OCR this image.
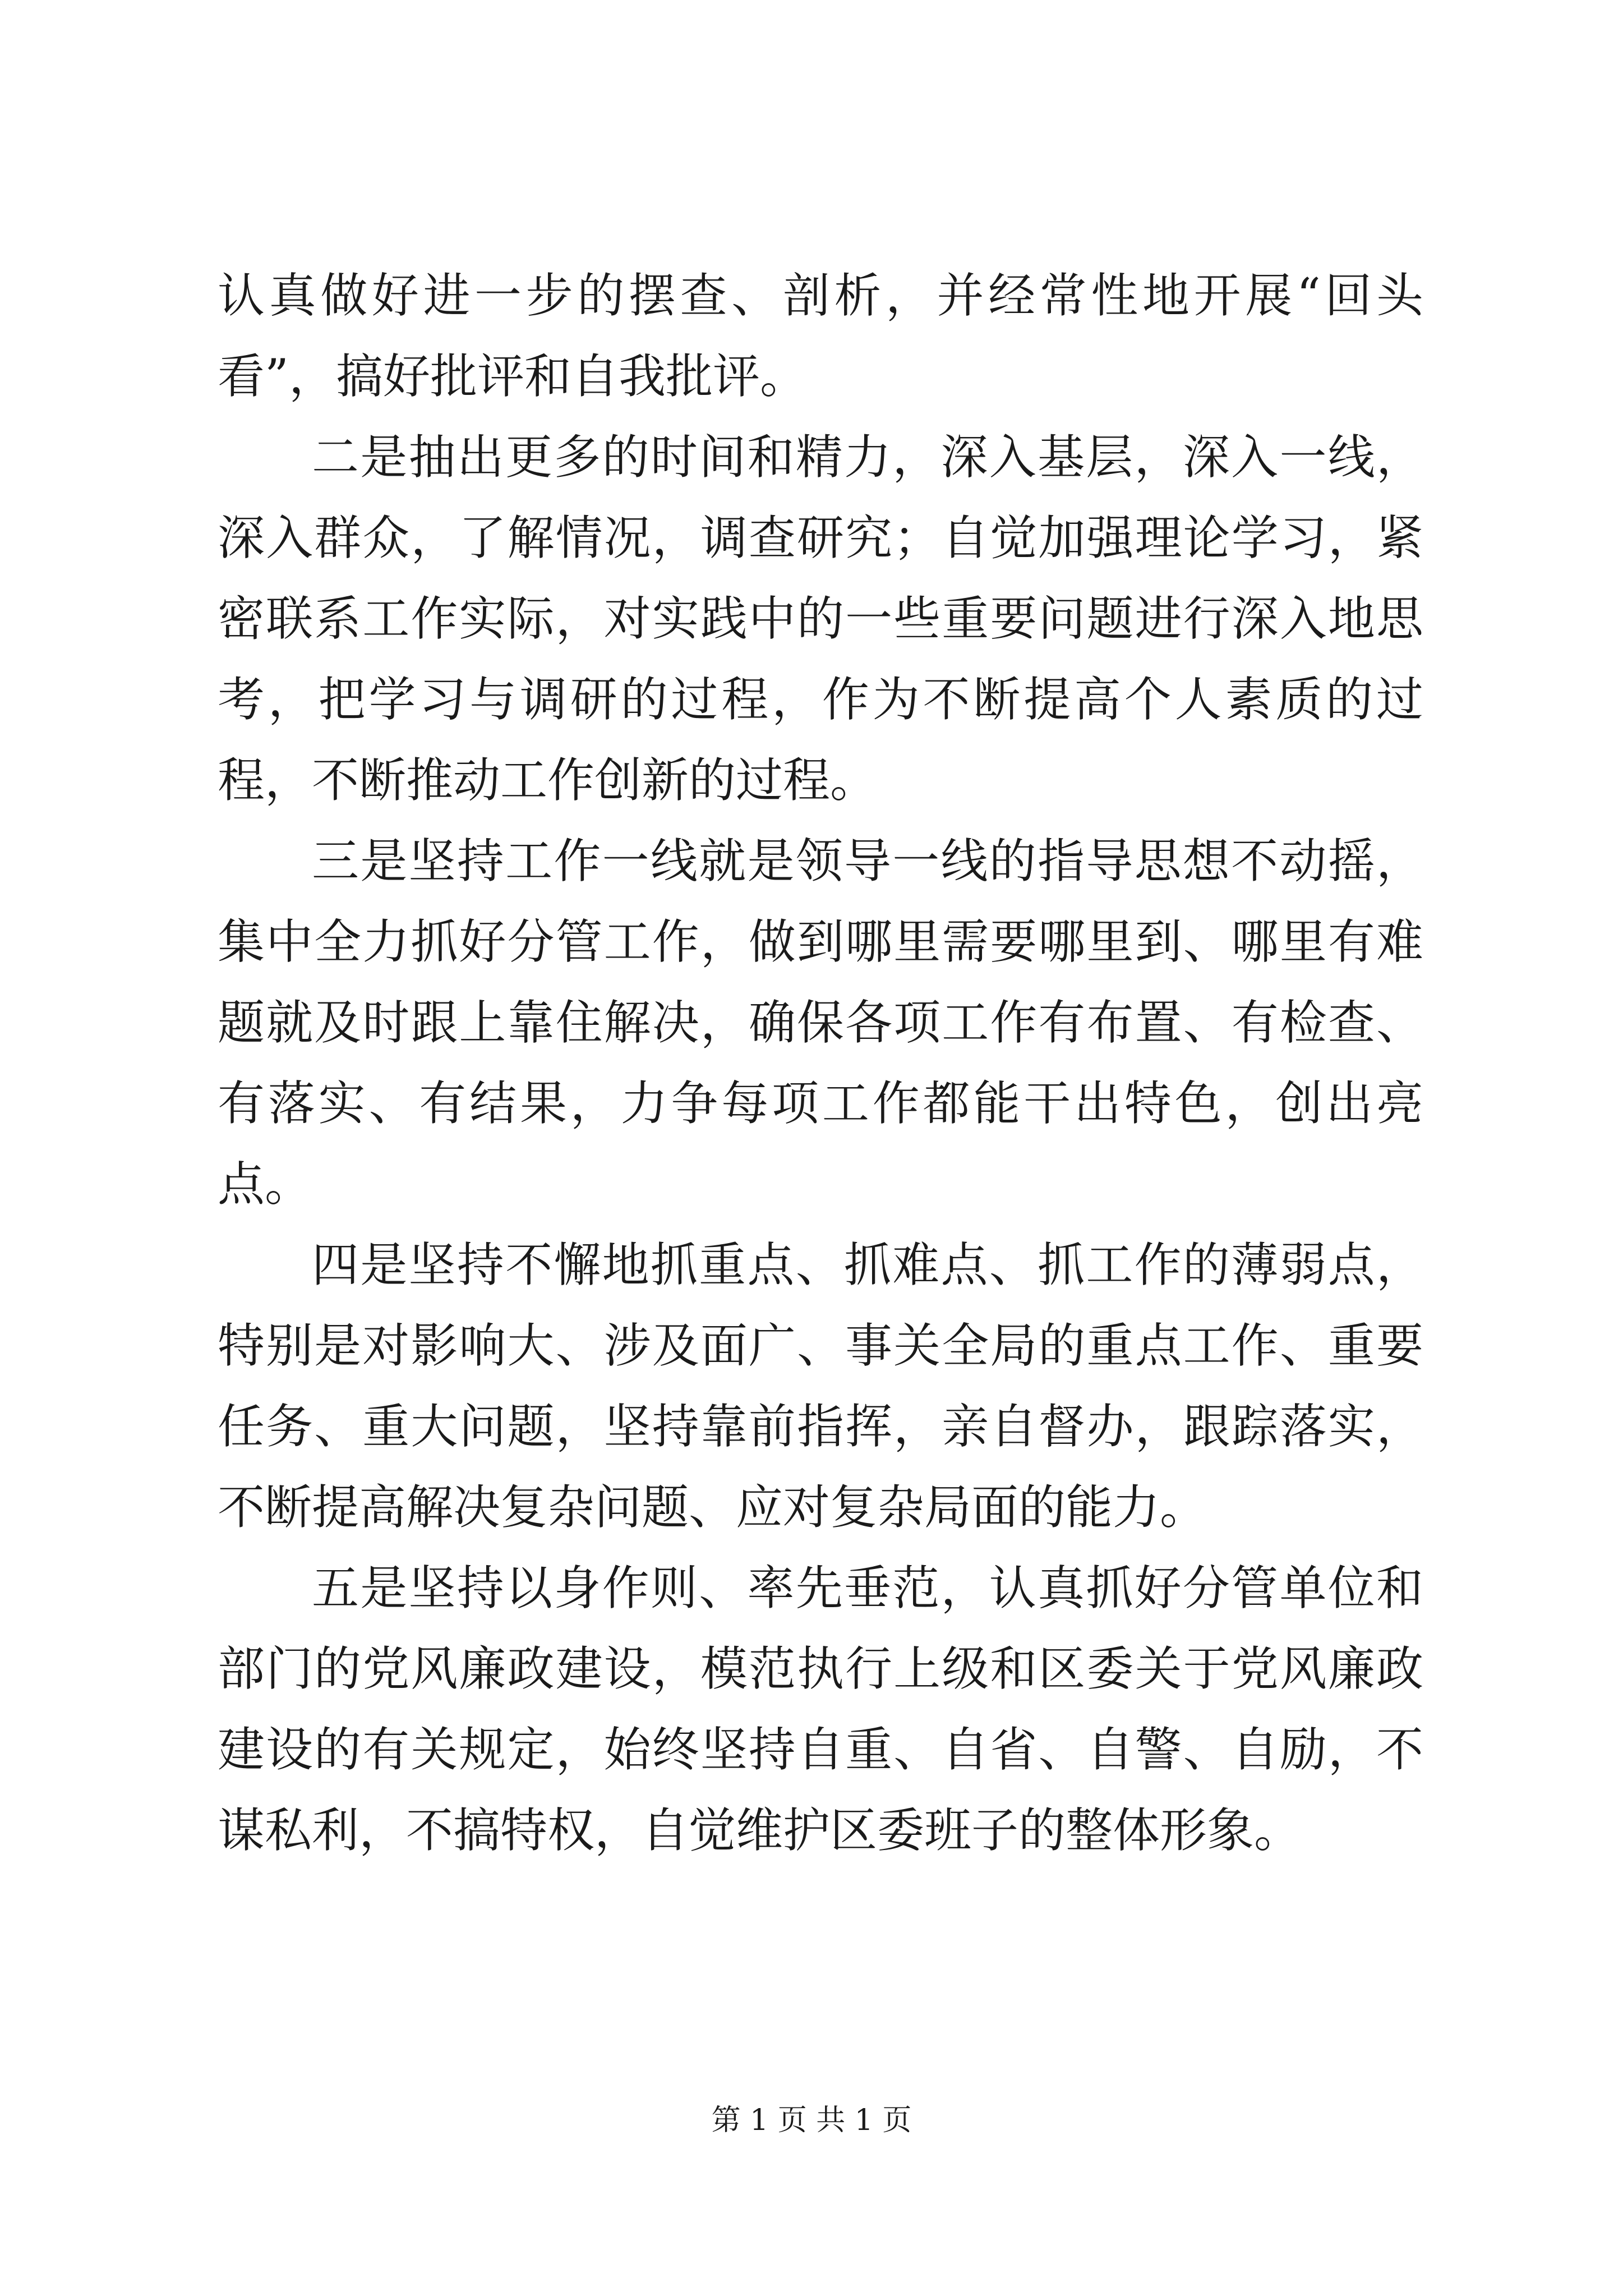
认真做好进一步的摆查、剖析，并经常性地开展“回头看”，搞好批评和自我批评。

二是抽出更多的时间和精力，深入基层，深入一线，深入群众，了解情况，调查研究；自觉加强理论学习，紧密联系工作实际，对实践中的一些重要问题进行深入地思考，把学习与调研的过程，作为不断提高个人素质的过程，不断推动工作创新的过程。

三是坚持工作一线就是领导一线的指导思想不动摇，集中全力抓好分管工作，做到哪里需要哪里到、哪里有难题就及时跟上靠住解决，确保各项工作有布置、有检查、有落实、有结果，力争每项工作都能干出特色，创出亮点。

四是坚持不懈地抓重点、抓难点、抓工作的薄弱点，特别是对影响大、涉及面广、事关全局的重点工作、重要任务、重大问题，坚持靠前指挥，亲自督办，跟踪落实，不断提高解决复杂问题、应对复杂局面的能力。

五是坚持以身作则、率先垂范，认真抓好分管单位和部门的党风廉政建设，模范执行上级和区委关于党风廉政建设的有关规定，始终坚持自重、自省、自警、自励，不谋私利，不搞特权，自觉维护区委班子的整体形象。

第 1 页 共 1 页
